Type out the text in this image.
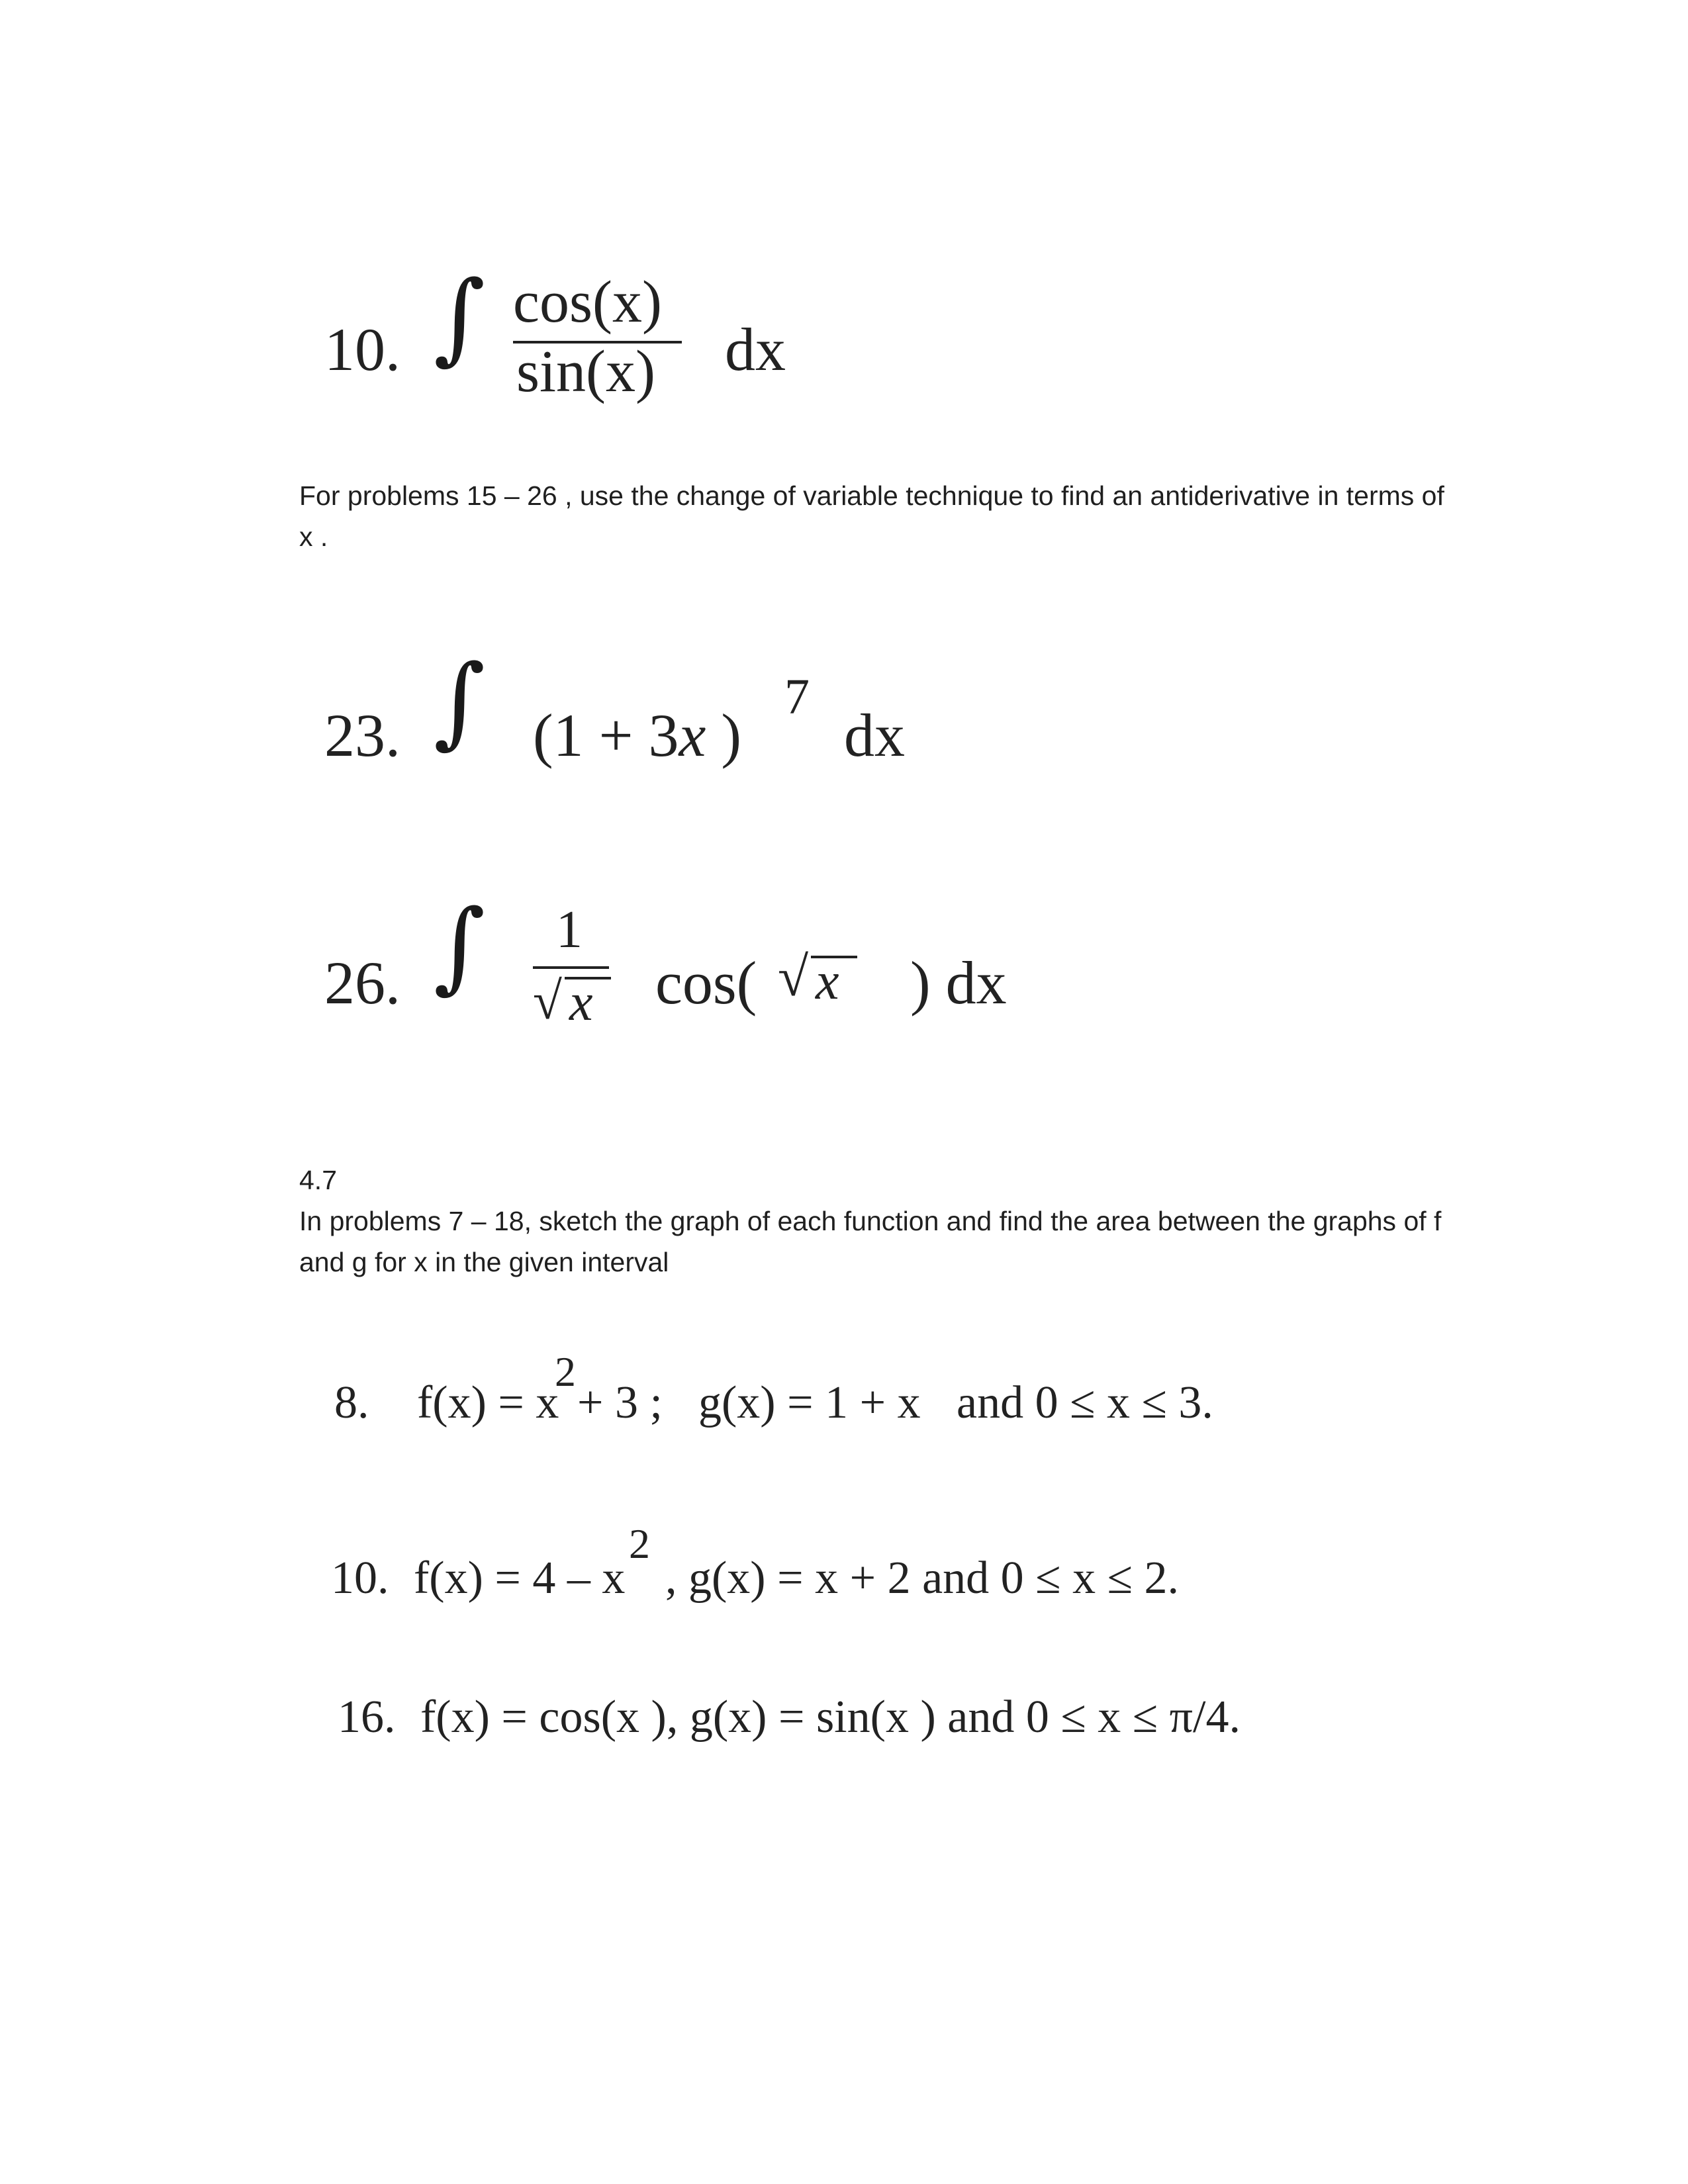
10. ∫ cos(x)
sin(x) dx
For problems 15 – 26 , use the change of variable technique to find an antiderivative in terms of
x .
23. ∫ (1 + 3x )
7
dx
26. ∫ 1
√ x cos( √ x ) dx
4.7
In problems 7 – 18, sketch the graph of each function and find the area between the graphs of f
and g for x in the given interval
8. f(x) = x
2
+ 3 ; g(x) = 1 + x and 0 ≤ x ≤ 3.
10. f(x) = 4 – x
2
, g(x) = x + 2 and 0 ≤ x ≤ 2.
16. f(x) = cos(x ), g(x) = sin(x ) and 0 ≤ x ≤ π/4.
